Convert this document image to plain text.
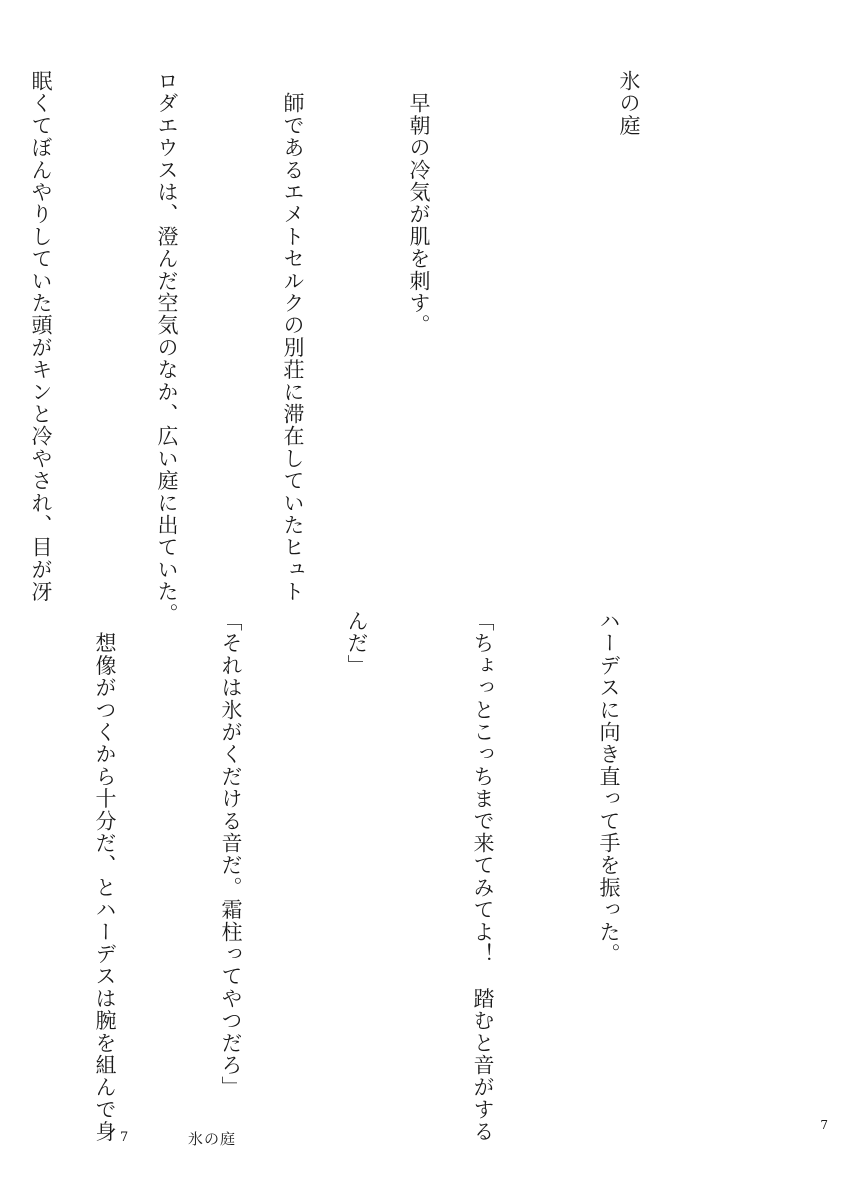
氷の庭

　早朝の冷気が肌を刺す。

　師であるエメトセルクの別荘に滞在していたヒュト

ロダエウスは、澄んだ空気のなか、広い庭に出ていた。

眠くてぼんやりしていた頭がキンと冷やされ、目が冴

ハーデスに向き直って手を振った。

「ちょっとこっちまで来てみてよ！　踏むと音がする

んだ」

「それは氷がくだける音だ。霜柱ってやつだろ」

　想像がつくから十分だ、とハーデスは腕を組んで身

7	氷の庭
7
